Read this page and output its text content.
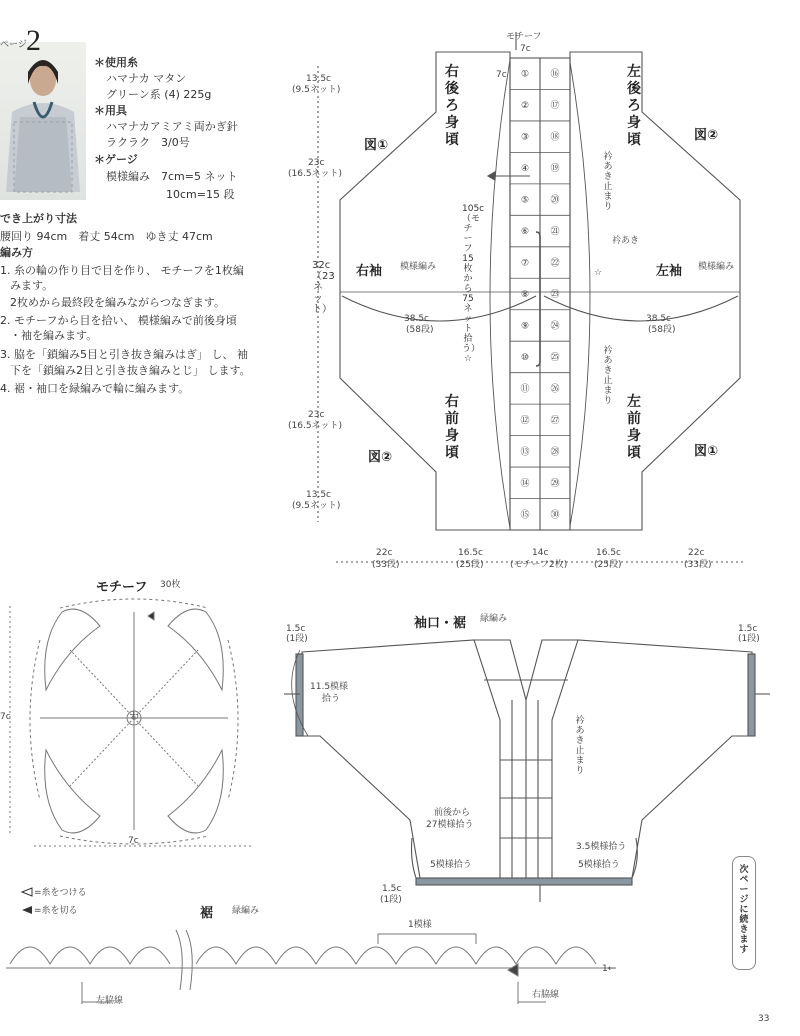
ページ 2
＊使用糸
ハマナカ マタン
グリーン系 (4) 225g
＊用具
ハマナカアミアミ両かぎ針
ラクラク　3/0号
＊ゲージ
模様編み　7cm=5 ネット
10cm=15 段
でき上がり寸法
腰回り 94cm　着丈 54cm　ゆき丈 47cm
編み方
1. 糸の輪の作り目で目を作り、 モチーフを1枚編
みます。
2枚めから最終段を編みながらつなぎます。
2. モチーフから目を拾い、 模様編みで前後身頃
・袖を編みます。
3. 脇を「鎖編み5目と引き抜き編みはぎ」 し、 袖
下を「鎖編み2目と引き抜き編みとじ」 します。
4. 裾・袖口を緑編みで輪に編みます。
① ⑯
② ⑰
③ ⑱
④ ⑲
⑤ ⑳
⑥ ㉑
⑦ ㉒
⑧ ㉓
⑨ ㉔
⑩ ㉕
⑪ ㉖
⑫ ㉗
⑬ ㉘
⑭ ㉙
⑮ ㉚
モチーフ
7c
7c
右後ろ身頃
左後ろ身頃
右前身頃
左前身頃
右袖 模様編み	左袖 模様編み
図①
図②
図②	図①
13.5c
(9.5ネット)
23c
(16.5ネット)
32c（23ネット）
23c
(16.5ネット)
13.5c
(9.5ネット)
38.5c
(58段)
38.5c
(58段)
105c（モチーフ15枚から75ネット拾う）☆
衿あき止まり
衿あき
衿あき止まり
☆
22c
(33段)
16.5c
(25段)
14c
(モチーフ2枚)
16.5c
(25段)
22c
(33段)
モチーフ 30枚
7c
7c	わ
袖口・裾 緑編み
1.5c
(1段)
1.5c
(1段)
11.5模様
拾う
衿あき止まり
前後から
27模様拾う
5模様拾う
3.5模様拾う
5模様拾う
1.5c
(1段)
=糸をつける
=糸を切る	裾 緑編み
1模様
左脇線
右脇線
1←
次ページに続きます
33
